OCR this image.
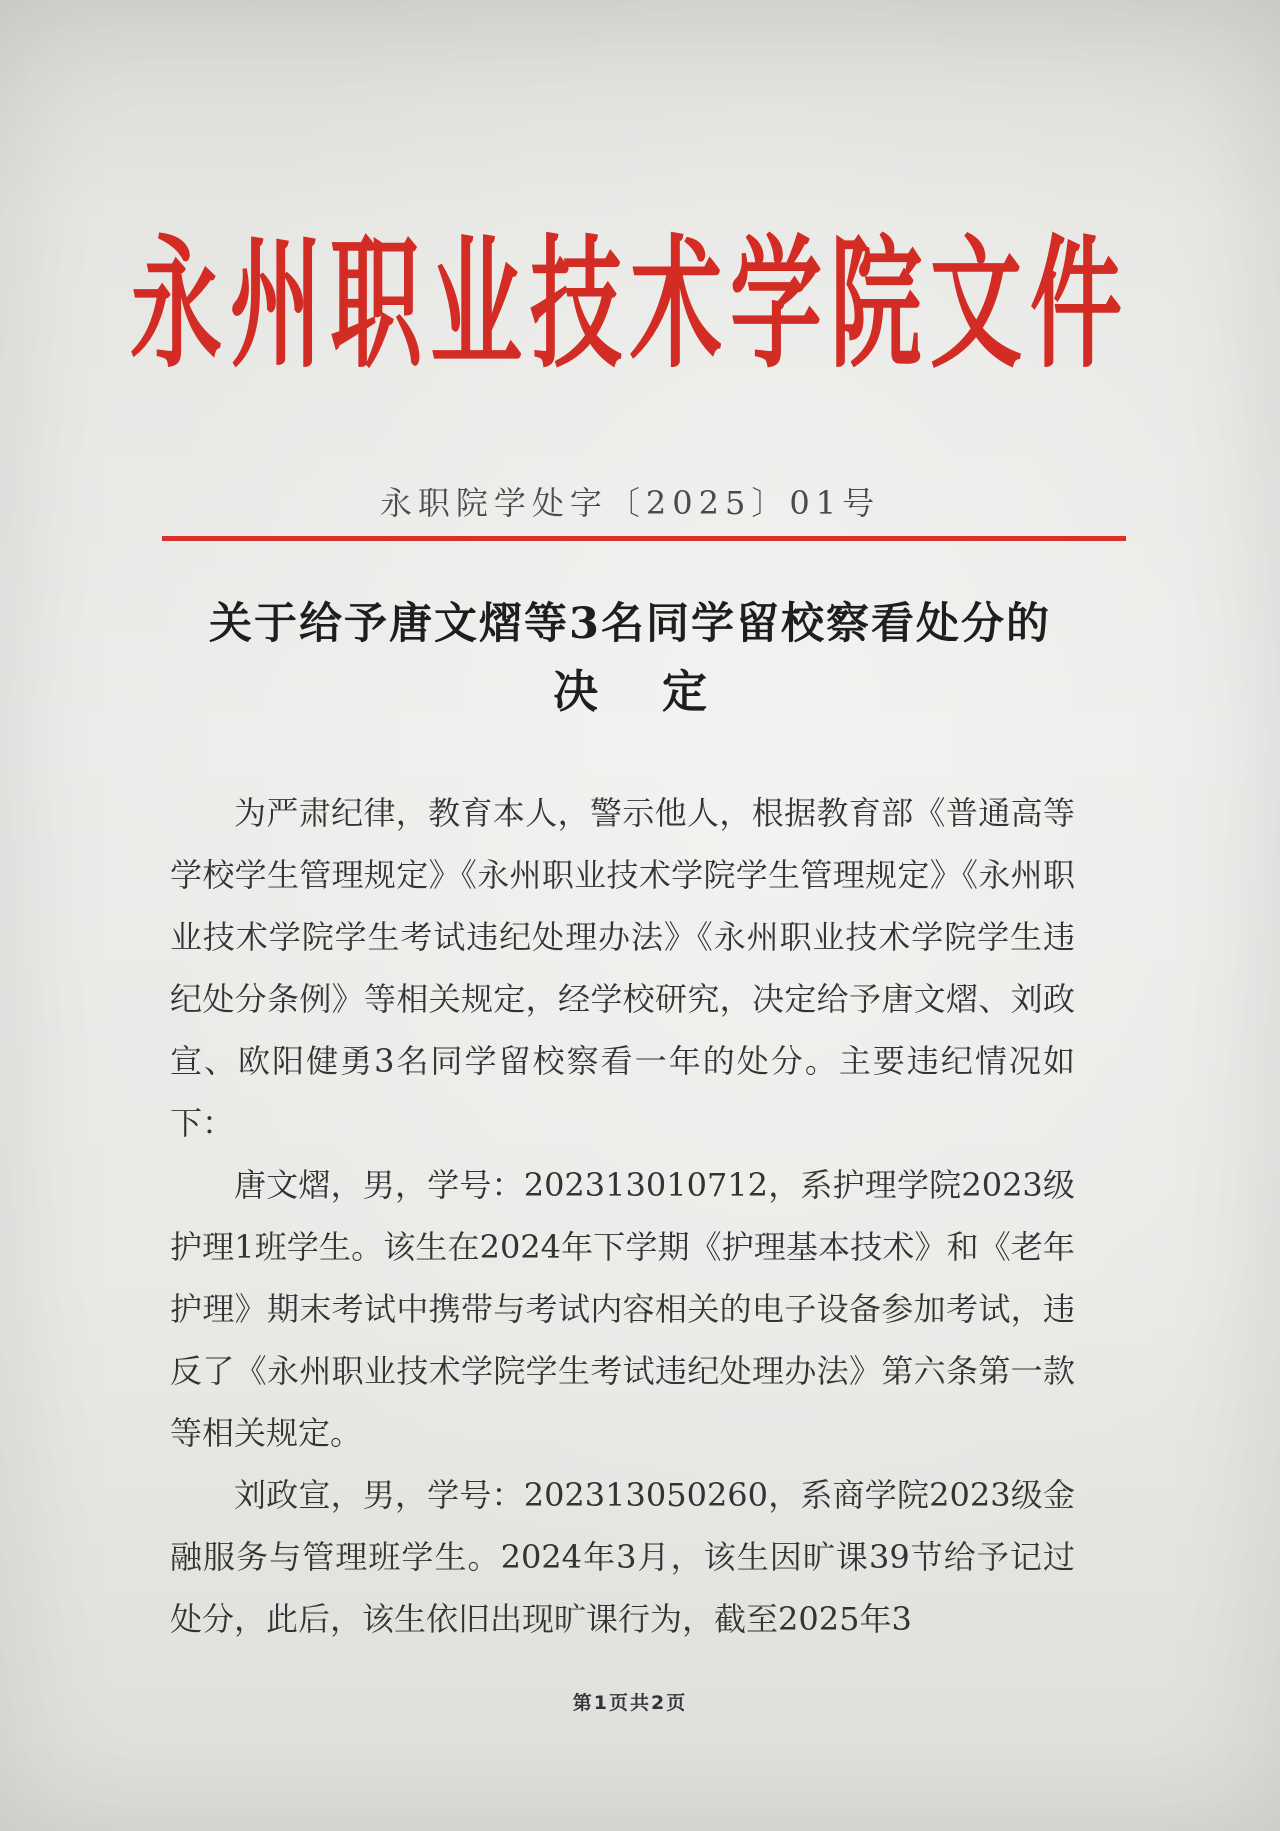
永州职业技术学院文件
永职院学处字〔2025〕01号
关于给予唐文熠等3名同学留校察看处分的
决定

为严肃纪律，教育本人，警示他人，根据教育部《普通高等学校学生管理规定》《永州职业技术学院学生管理规定》《永州职业技术学院学生考试违纪处理办法》《永州职业技术学院学生违纪处分条例》等相关规定，经学校研究，决定给予唐文熠、刘政宣、欧阳健勇3名同学留校察看一年的处分。主要违纪情况如下：

唐文熠，男，学号：202313010712，系护理学院2023级护理1班学生。该生在2024年下学期《护理基本技术》和《老年护理》期末考试中携带与考试内容相关的电子设备参加考试，违反了《永州职业技术学院学生考试违纪处理办法》第六条第一款等相关规定。

刘政宣，男，学号：202313050260，系商学院2023级金融服务与管理班学生。2024年3月，该生因旷课39节给予记过处分，此后，该生依旧出现旷课行为，截至2025年3

第1页共2页
